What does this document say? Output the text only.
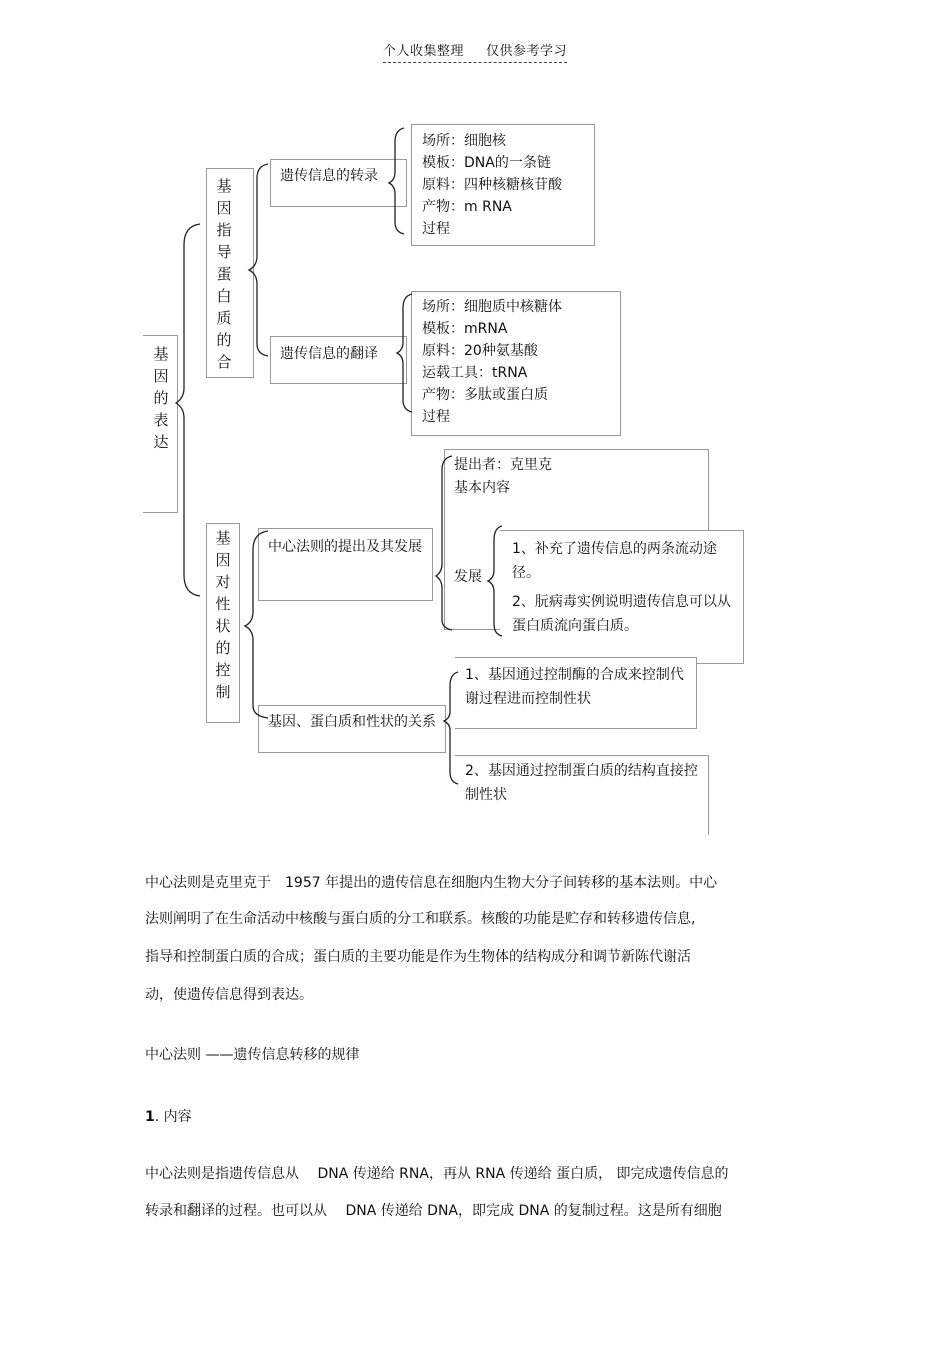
个人收集整理 仅供参考学习
基因的表达
基因指导蛋白质的合
基因对性状的控制
遗传信息的转录
遗传信息的翻译
场所：细胞核
模板：DNA的一条链
原料：四种核糖核苷酸
产物：m RNA
过程
场所：细胞质中核糖体
模板：mRNA
原料：20种氨基酸
运载工具：tRNA
产物：多肽或蛋白质
过程
中心法则的提出及其发展
提出者：克里克
基本内容
发展
1、补充了遗传信息的两条流动途径。
2、朊病毒实例说明遗传信息可以从蛋白质流向蛋白质。
基因、蛋白质和性状的关系
1、基因通过控制酶的合成来控制代谢过程进而控制性状
2、基因通过控制蛋白质的结构直接控制性状
中心法则是克里克于　1957 年提出的遗传信息在细胞内生物大分子间转移的基本法则。中心
法则阐明了在生命活动中核酸与蛋白质的分工和联系。核酸的功能是贮存和转移遗传信息,
指导和控制蛋白质的合成；蛋白质的主要功能是作为生物体的结构成分和调节新陈代谢活
动，使遗传信息得到表达。
中心法则 ——遗传信息转移的规律
1. 内容
中心法则是指遗传信息从　 DNA 传递给 RNA，再从 RNA 传递给 蛋白质， 即完成遗传信息的
转录和翻译的过程。也可以从　 DNA 传递给 DNA，即完成 DNA 的复制过程。这是所有细胞
